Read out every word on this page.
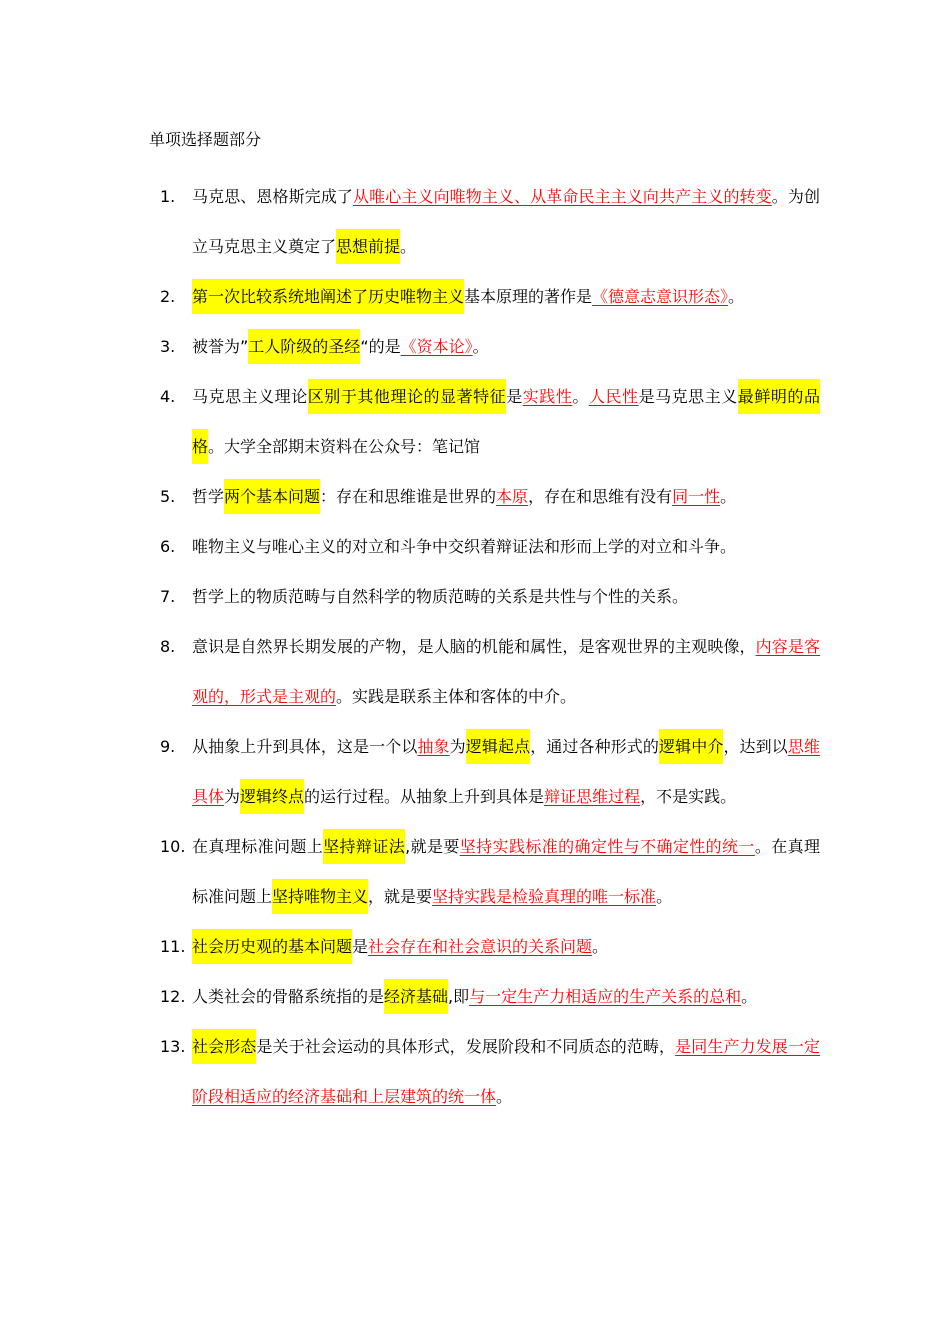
单项选择题部分
1. 马克思、恩格斯完成了从唯心主义向唯物主义、从革命民主主义向共产主义的转变。为创立马克思主义奠定了思想前提。
2. 第一次比较系统地阐述了历史唯物主义基本原理的著作是《德意志意识形态》。
3. 被誉为”工人阶级的圣经“的是《资本论》。
4. 马克思主义理论区别于其他理论的显著特征是实践性。人民性是马克思主义最鲜明的品格。大学全部期末资料在公众号：笔记馆
5. 哲学两个基本问题：存在和思维谁是世界的本原，存在和思维有没有同一性。
6. 唯物主义与唯心主义的对立和斗争中交织着辩证法和形而上学的对立和斗争。
7. 哲学上的物质范畴与自然科学的物质范畴的关系是共性与个性的关系。
8. 意识是自然界长期发展的产物，是人脑的机能和属性，是客观世界的主观映像，内容是客观的，形式是主观的。实践是联系主体和客体的中介。
9. 从抽象上升到具体，这是一个以抽象为逻辑起点，通过各种形式的逻辑中介，达到以思维具体为逻辑终点的运行过程。从抽象上升到具体是辩证思维过程，不是实践。
10. 在真理标准问题上坚持辩证法,就是要坚持实践标准的确定性与不确定性的统一。在真理标准问题上坚持唯物主义，就是要坚持实践是检验真理的唯一标准。
11. 社会历史观的基本问题是社会存在和社会意识的关系问题。
12. 人类社会的骨骼系统指的是经济基础,即与一定生产力相适应的生产关系的总和。
13. 社会形态是关于社会运动的具体形式，发展阶段和不同质态的范畴，是同生产力发展一定阶段相适应的经济基础和上层建筑的统一体。
